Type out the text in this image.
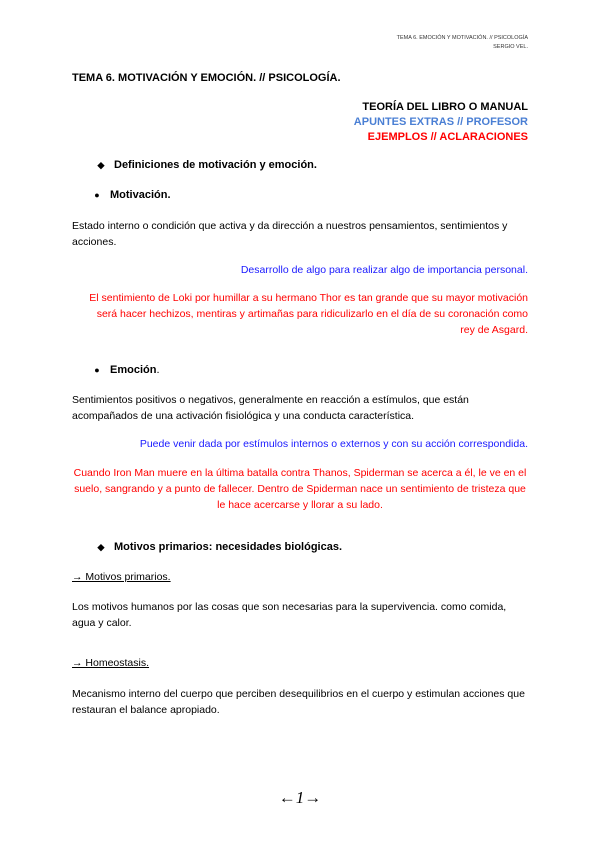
TEMA 6. EMOCIÓN Y MOTIVACIÓN. // PSICOLOGÍA
SERGIO VEL.
TEMA 6. MOTIVACIÓN Y EMOCIÓN. // PSICOLOGÍA.
TEORÍA DEL LIBRO O MANUAL
APUNTES EXTRAS // PROFESOR
EJEMPLOS // ACLARACIONES
◆ Definiciones de motivación y emoción.
● Motivación.
Estado interno o condición que activa y da dirección a nuestros pensamientos, sentimientos y acciones.
Desarrollo de algo para realizar algo de importancia personal.
El sentimiento de Loki por humillar a su hermano Thor es tan grande que su mayor motivación será hacer hechizos, mentiras y artimañas para ridiculizarlo en el día de su coronación como rey de Asgard.
● Emoción.
Sentimientos positivos o negativos, generalmente en reacción a estímulos, que están acompañados de una activación fisiológica y una conducta característica.
Puede venir dada por estímulos internos o externos y con su acción correspondida.
Cuando Iron Man muere en la última batalla contra Thanos, Spiderman se acerca a él, le ve en el suelo, sangrando y a punto de fallecer. Dentro de Spiderman nace un sentimiento de tristeza que le hace acercarse y llorar a su lado.
◆ Motivos primarios: necesidades biológicas.
→ Motivos primarios.
Los motivos humanos por las cosas que son necesarias para la supervivencia. como comida, agua y calor.
→ Homeostasis.
Mecanismo interno del cuerpo que perciben desequilibrios en el cuerpo y estimulan acciones que restauran el balance apropiado.
←1→
